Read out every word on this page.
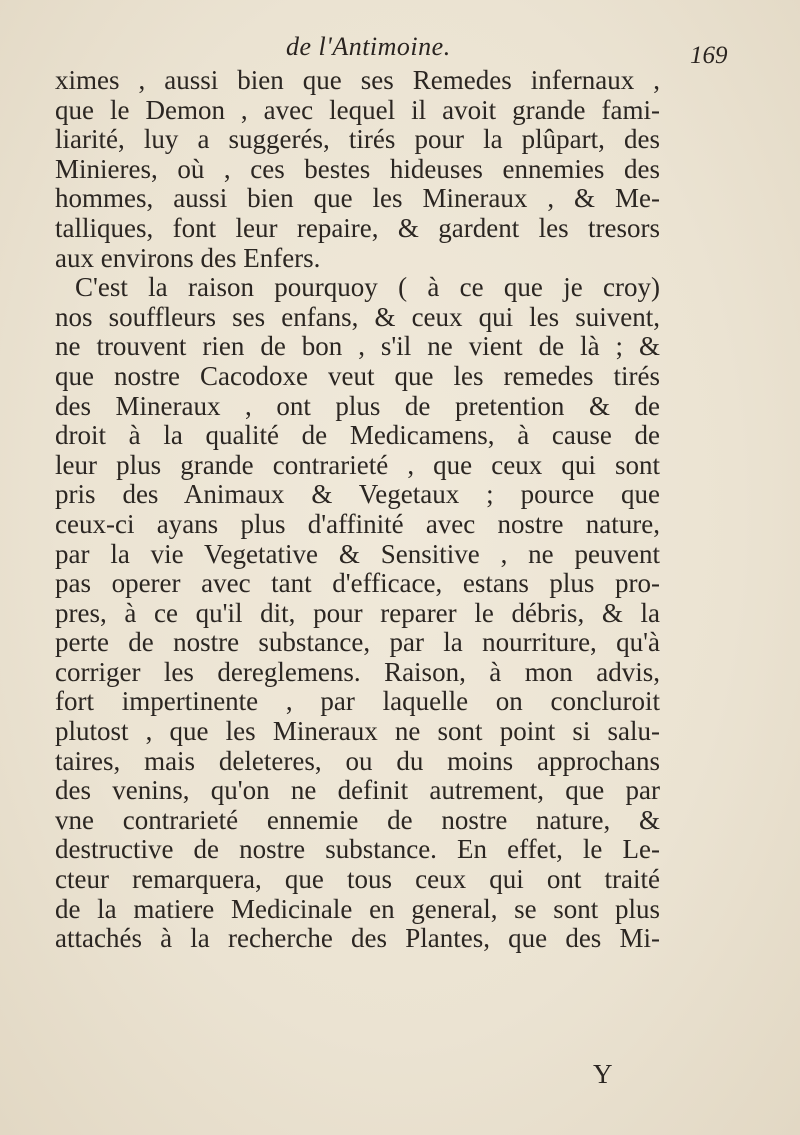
de l'Antimoine.	169
ximes , aussi bien que ses Remedes infernaux ,
que le Demon , avec lequel il avoit grande fami-
liarité, luy a suggerés, tirés pour la plûpart, des
Minieres, où , ces bestes hideuses ennemies des
hommes, aussi bien que les Mineraux , & Me-
talliques, font leur repaire, & gardent les tresors
aux environs des Enfers.
C'est la raison pourquoy ( à ce que je croy)
nos souffleurs ses enfans, & ceux qui les suivent,
ne trouvent rien de bon , s'il ne vient de là ; &
que nostre Cacodoxe veut que les remedes tirés
des Mineraux , ont plus de pretention & de
droit à la qualité de Medicamens, à cause de
leur plus grande contrarieté , que ceux qui sont
pris des Animaux & Vegetaux ; pource que
ceux-ci ayans plus d'affinité avec nostre nature,
par la vie Vegetative & Sensitive , ne peuvent
pas operer avec tant d'efficace, estans plus pro-
pres, à ce qu'il dit, pour reparer le débris, & la
perte de nostre substance, par la nourriture, qu'à
corriger les dereglemens. Raison, à mon advis,
fort impertinente , par laquelle on concluroit
plutost , que les Mineraux ne sont point si salu-
taires, mais deleteres, ou du moins approchans
des venins, qu'on ne definit autrement, que par
vne contrarieté ennemie de nostre nature, &
destructive de nostre substance. En effet, le Le-
cteur remarquera, que tous ceux qui ont traité
de la matiere Medicinale en general, se sont plus
attachés à la recherche des Plantes, que des Mi-
Y
